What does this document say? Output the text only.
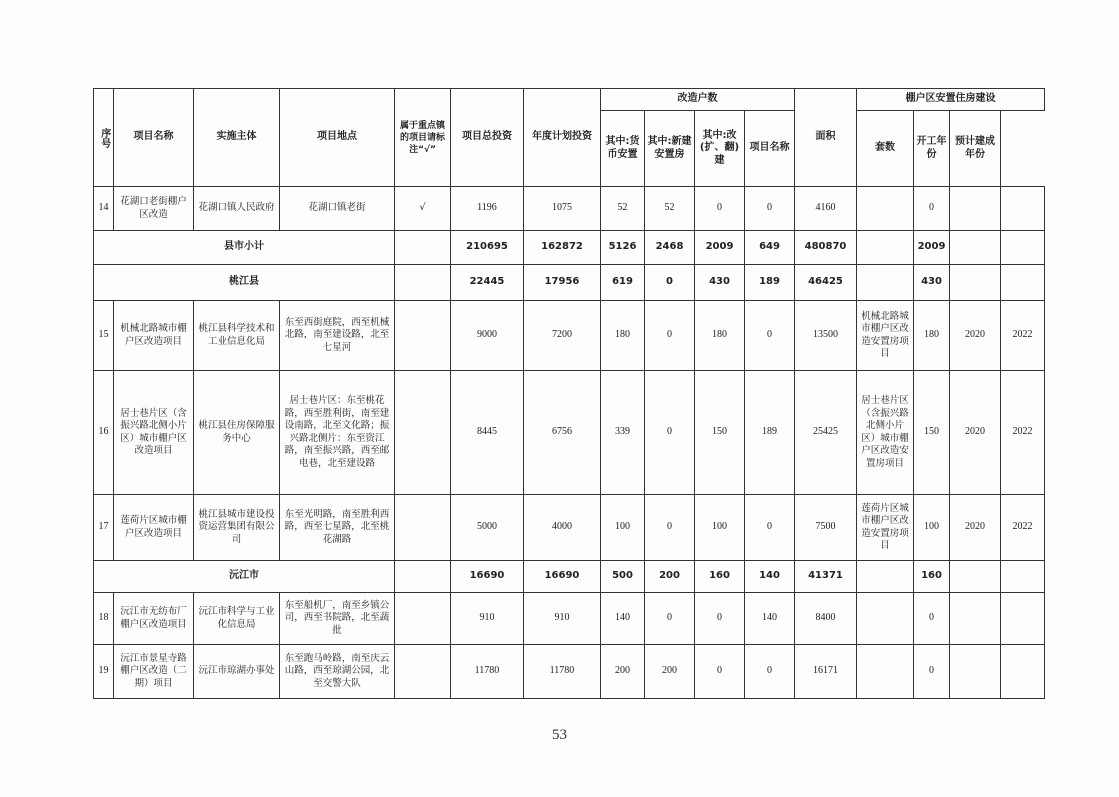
序号	项目名称	实施主体	项目地点	属于重点镇的项目请标注“√”	项目总投资	年度计划投资	改造户数				面积	棚户区安置住房建设			
							其中:货币安置	其中:新建安置房	其中:改(扩、翻)建	项目名称		套数	开工年份	预计建成年份	
14	花湖口老街棚户区改造	花湖口镇人民政府	花湖口镇老街	√	1196	1075	52	52	0	0	4160		0		
县市小计					210695	162872	5126	2468	2009	649	480870		2009		
桃江县					22445	17956	619	0	430	189	46425		430		
15	机械北路城市棚户区改造项目	桃江县科学技术和工业信息化局	东至西街庭院，西至机械北路，南至建设路，北至七星河		9000	7200	180	0	180	0	13500	机械北路城市棚户区改造安置房项目	180	2020	2022
16	居士巷片区（含振兴路北侧小片区）城市棚户区改造项目	桃江县住房保障服务中心	居士巷片区：东至桃花路，西至胜利街，南至建设南路，北至文化路；振兴路北侧片：东至资江路，南至振兴路，西至邮电巷，北至建设路		8445	6756	339	0	150	189	25425	居士巷片区（含振兴路北侧小片区）城市棚户区改造安置房项目	150	2020	2022
17	莲荷片区城市棚户区改造项目	桃江县城市建设投资运营集团有限公司	东至光明路，南至胜利西路，西至七星路，北至桃花湖路		5000	4000	100	0	100	0	7500	莲荷片区城市棚户区改造安置房项目	100	2020	2022
沅江市					16690	16690	500	200	160	140	41371		160		
18	沅江市无纺布厂棚户区改造项目	沅江市科学与工业化信息局	东至船机厂，南至乡镇公司，西至书院路，北至蔬批		910	910	140	0	0	140	8400		0		
19	沅江市景星寺路棚户区改造（二期）项目	沅江市琼湖办事处	东至跑马岭路，南至庆云山路，西至琼湖公园，北至交警大队		11780	11780	200	200	0	0	16171		0		
53
